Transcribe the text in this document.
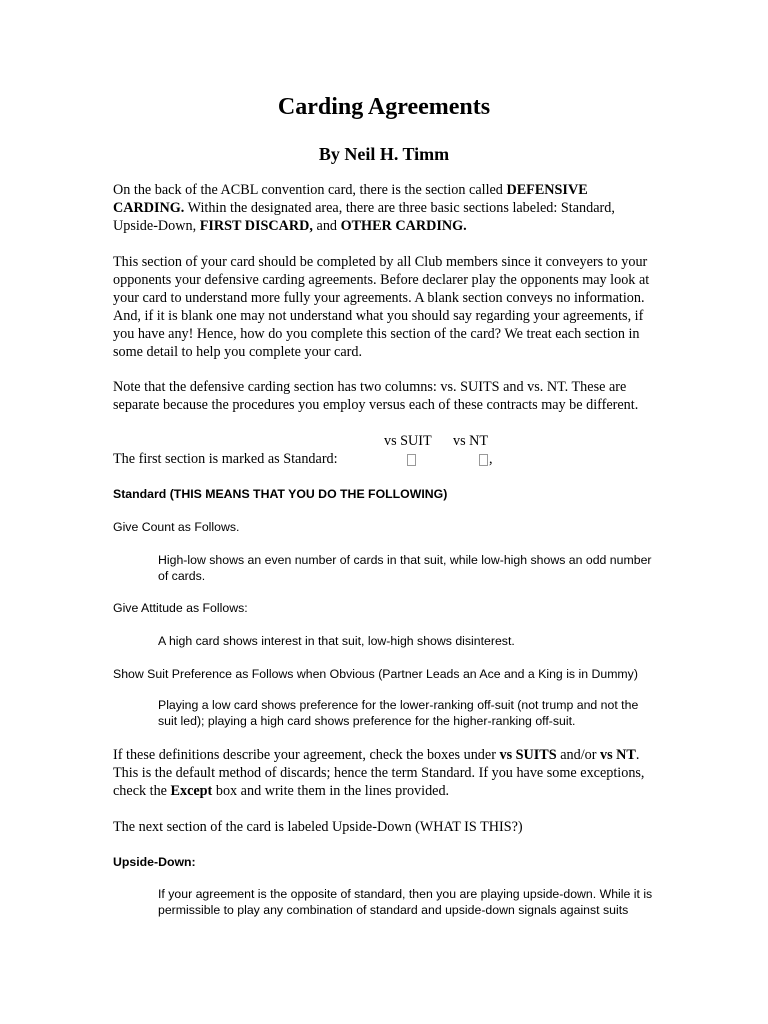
Carding Agreements
By Neil H. Timm

On the back of the ACBL convention card, there is the section called DEFENSIVE CARDING. Within the designated area, there are three basic sections labeled: Standard, Upside-Down, FIRST DISCARD, and OTHER CARDING.

This section of your card should be completed by all Club members since it conveyers to your opponents your defensive carding agreements. Before declarer play the opponents may look at your card to understand more fully your agreements. A blank section conveys no information. And, if it is blank one may not understand what you should say regarding your agreements, if you have any! Hence, how do you complete this section of the card? We treat each section in some detail to help you complete your card.

Note that the defensive carding section has two columns: vs. SUITS and vs. NT. These are separate because the procedures you employ versus each of these contracts may be different.

vs SUIT vs NT
The first section is marked as Standard:	,

Standard (THIS MEANS THAT YOU DO THE FOLLOWING)

Give Count as Follows.

High-low shows an even number of cards in that suit, while low-high shows an odd number of cards.

Give Attitude as Follows:

A high card shows interest in that suit, low-high shows disinterest.

Show Suit Preference as Follows when Obvious (Partner Leads an Ace and a King is in Dummy)

Playing a low card shows preference for the lower-ranking off-suit (not trump and not the suit led); playing a high card shows preference for the higher-ranking off-suit.

If these definitions describe your agreement, check the boxes under vs SUITS and/or vs NT. This is the default method of discards; hence the term Standard. If you have some exceptions, check the Except box and write them in the lines provided.

The next section of the card is labeled Upside-Down (WHAT IS THIS?)

Upside-Down:

If your agreement is the opposite of standard, then you are playing upside-down. While it is permissible to play any combination of standard and upside-down signals against suits
